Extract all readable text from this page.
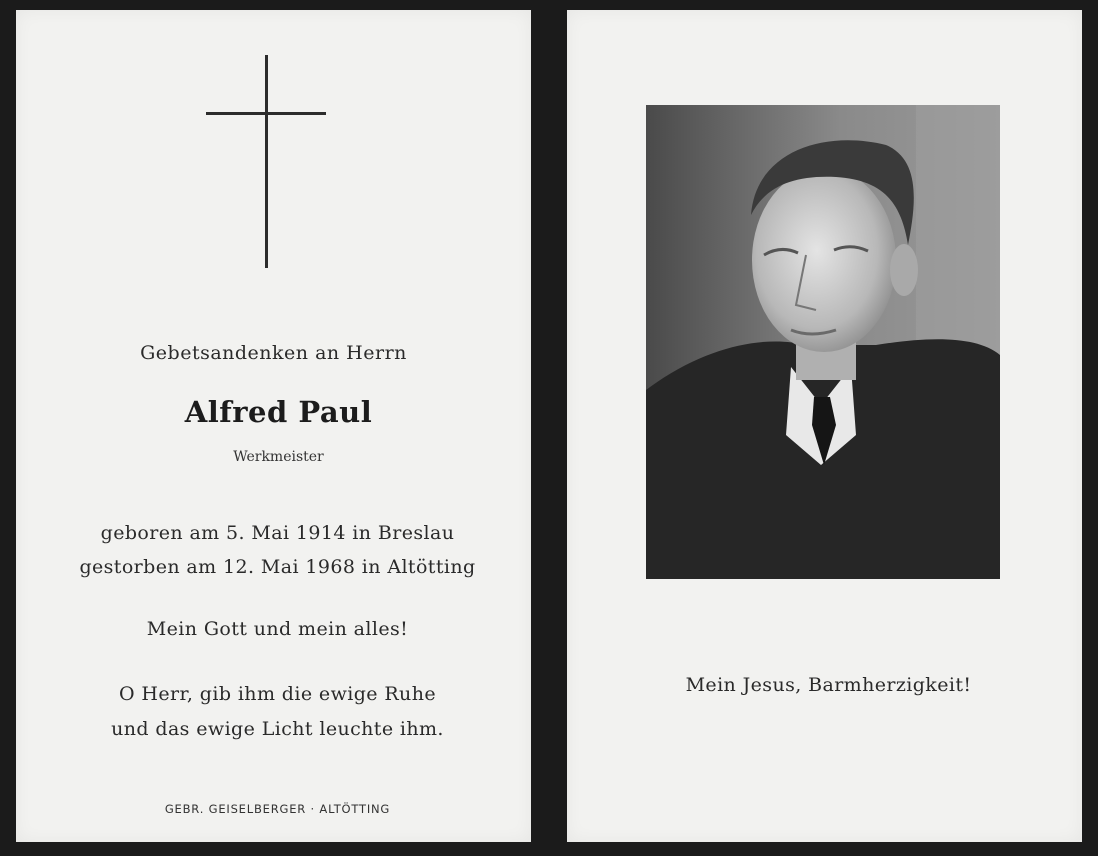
Gebetsandenken an Herrn
Alfred Paul
Werkmeister
geboren am 5. Mai 1914 in Breslau
gestorben am 12. Mai 1968 in Altötting
Mein Gott und mein alles!
O Herr, gib ihm die ewige Ruhe
und das ewige Licht leuchte ihm.
GEBR. GEISELBERGER · ALTÖTTING
Mein Jesus, Barmherzigkeit!
